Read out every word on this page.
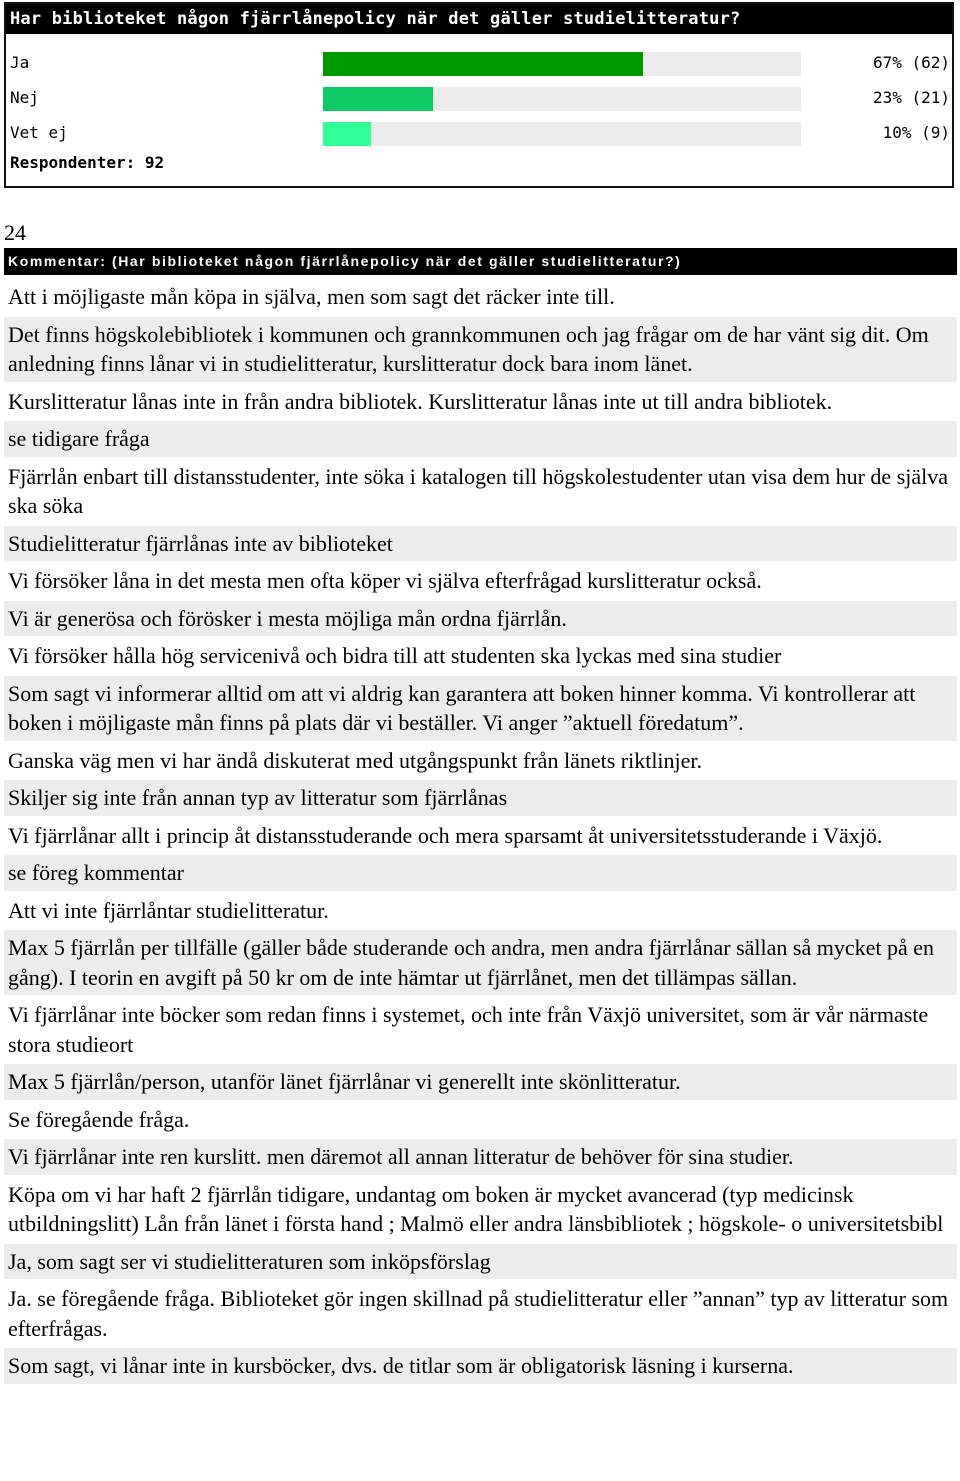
Har biblioteket någon fjärrlånepolicy när det gäller studielitteratur?
Ja	67% (62)
Nej	23% (21)
Vet ej	10% (9)
Respondenter: 92
24
Kommentar: (Har biblioteket någon fjärrlånepolicy när det gäller studielitteratur?)
Att i möjligaste mån köpa in själva, men som sagt det räcker inte till.
Det finns högskolebibliotek i kommunen och grannkommunen och jag frågar om de har vänt sig dit. Om anledning finns lånar vi in studielitteratur, kurslitteratur dock bara inom länet.
Kurslitteratur lånas inte in från andra bibliotek. Kurslitteratur lånas inte ut till andra bibliotek.
se tidigare fråga
Fjärrlån enbart till distansstudenter, inte söka i katalogen till högskolestudenter utan visa dem hur de själva ska söka
Studielitteratur fjärrlånas inte av biblioteket
Vi försöker låna in det mesta men ofta köper vi själva efterfrågad kurslitteratur också.
Vi är generösa och förösker i mesta möjliga mån ordna fjärrlån.
Vi försöker hålla hög servicenivå och bidra till att studenten ska lyckas med sina studier
Som sagt vi informerar alltid om att vi aldrig kan garantera att boken hinner komma. Vi kontrollerar att boken i möjligaste mån finns på plats där vi beställer. Vi anger ”aktuell föredatum”.
Ganska väg men vi har ändå diskuterat med utgångspunkt från länets riktlinjer.
Skiljer sig inte från annan typ av litteratur som fjärrlånas
Vi fjärrlånar allt i princip åt distansstuderande och mera sparsamt åt universitetsstuderande i Växjö.
se föreg kommentar
Att vi inte fjärrlåntar studielitteratur.
Max 5 fjärrlån per tillfälle (gäller både studerande och andra, men andra fjärrlånar sällan så mycket på en gång). I teorin en avgift på 50 kr om de inte hämtar ut fjärrlånet, men det tillämpas sällan.
Vi fjärrlånar inte böcker som redan finns i systemet, och inte från Växjö universitet, som är vår närmaste stora studieort
Max 5 fjärrlån/person, utanför länet fjärrlånar vi generellt inte skönlitteratur.
Se föregående fråga.
Vi fjärrlånar inte ren kurslitt. men däremot all annan litteratur de behöver för sina studier.
Köpa om vi har haft 2 fjärrlån tidigare, undantag om boken är mycket avancerad (typ medicinsk utbildningslitt) Lån från länet i första hand ; Malmö eller andra länsbibliotek ; högskole- o universitetsbibl
Ja, som sagt ser vi studielitteraturen som inköpsförslag
Ja. se föregående fråga. Biblioteket gör ingen skillnad på studielitteratur eller ”annan” typ av litteratur som efterfrågas.
Som sagt, vi lånar inte in kursböcker, dvs. de titlar som är obligatorisk läsning i kurserna.
